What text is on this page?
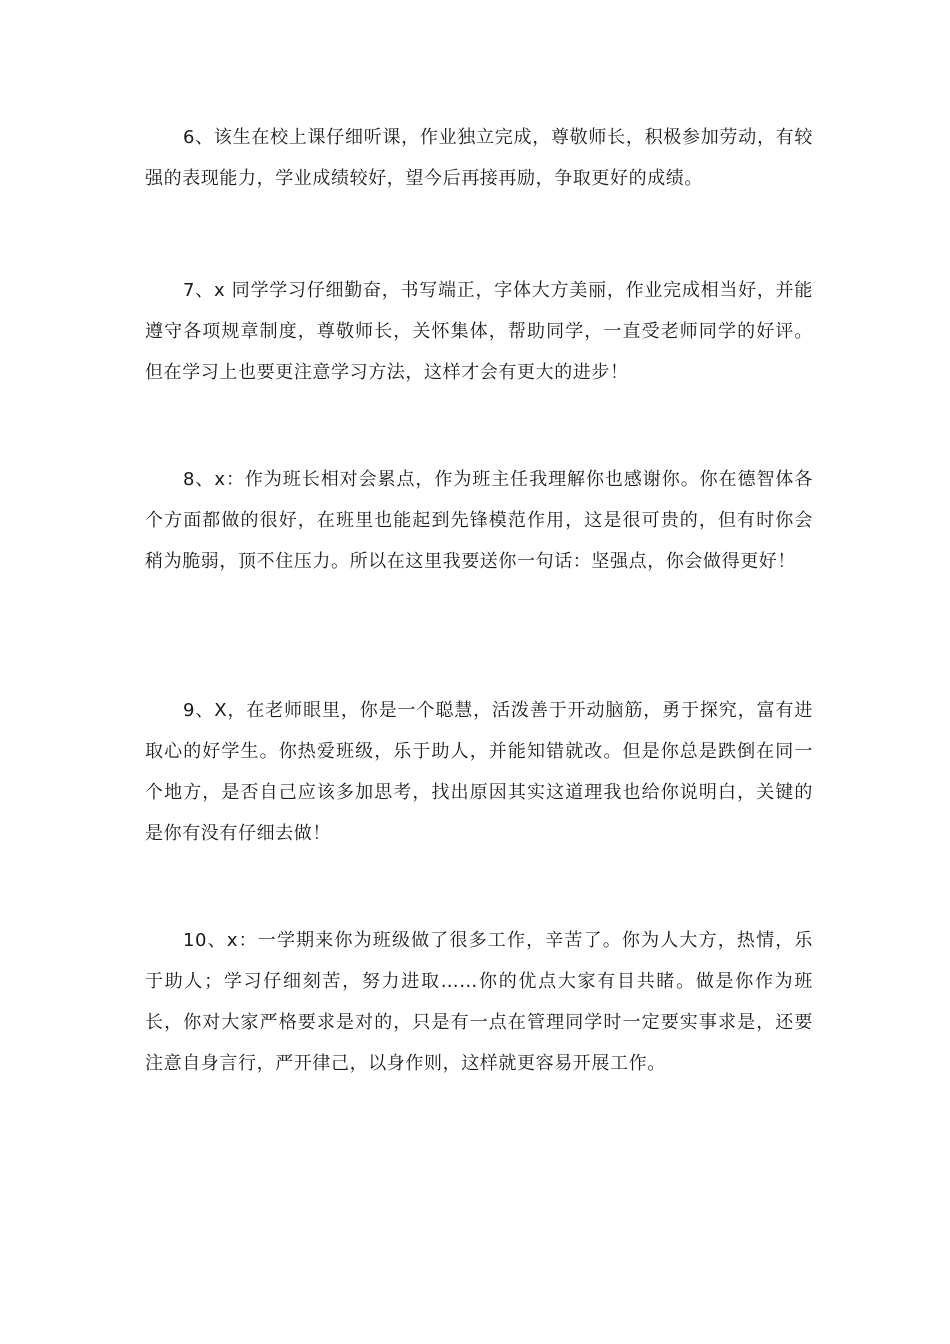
6、该生在校上课仔细听课，作业独立完成，尊敬师长，积极参加劳动，有较强的表现能力，学业成绩较好，望今后再接再励，争取更好的成绩。

7、x 同学学习仔细勤奋，书写端正，字体大方美丽，作业完成相当好，并能遵守各项规章制度，尊敬师长，关怀集体，帮助同学，一直受老师同学的好评。但在学习上也要更注意学习方法，这样才会有更大的进步！

8、x：作为班长相对会累点，作为班主任我理解你也感谢你。你在德智体各个方面都做的很好，在班里也能起到先锋模范作用，这是很可贵的，但有时你会稍为脆弱，顶不住压力。所以在这里我要送你一句话：坚强点，你会做得更好！

9、X，在老师眼里，你是一个聪慧，活泼善于开动脑筋，勇于探究，富有进取心的好学生。你热爱班级，乐于助人，并能知错就改。但是你总是跌倒在同一个地方，是否自己应该多加思考，找出原因其实这道理我也给你说明白，关键的是你有没有仔细去做！

10、x：一学期来你为班级做了很多工作，辛苦了。你为人大方，热情，乐于助人；学习仔细刻苦，努力进取……你的优点大家有目共睹。做是你作为班长，你对大家严格要求是对的，只是有一点在管理同学时一定要实事求是，还要注意自身言行，严开律己，以身作则，这样就更容易开展工作。
